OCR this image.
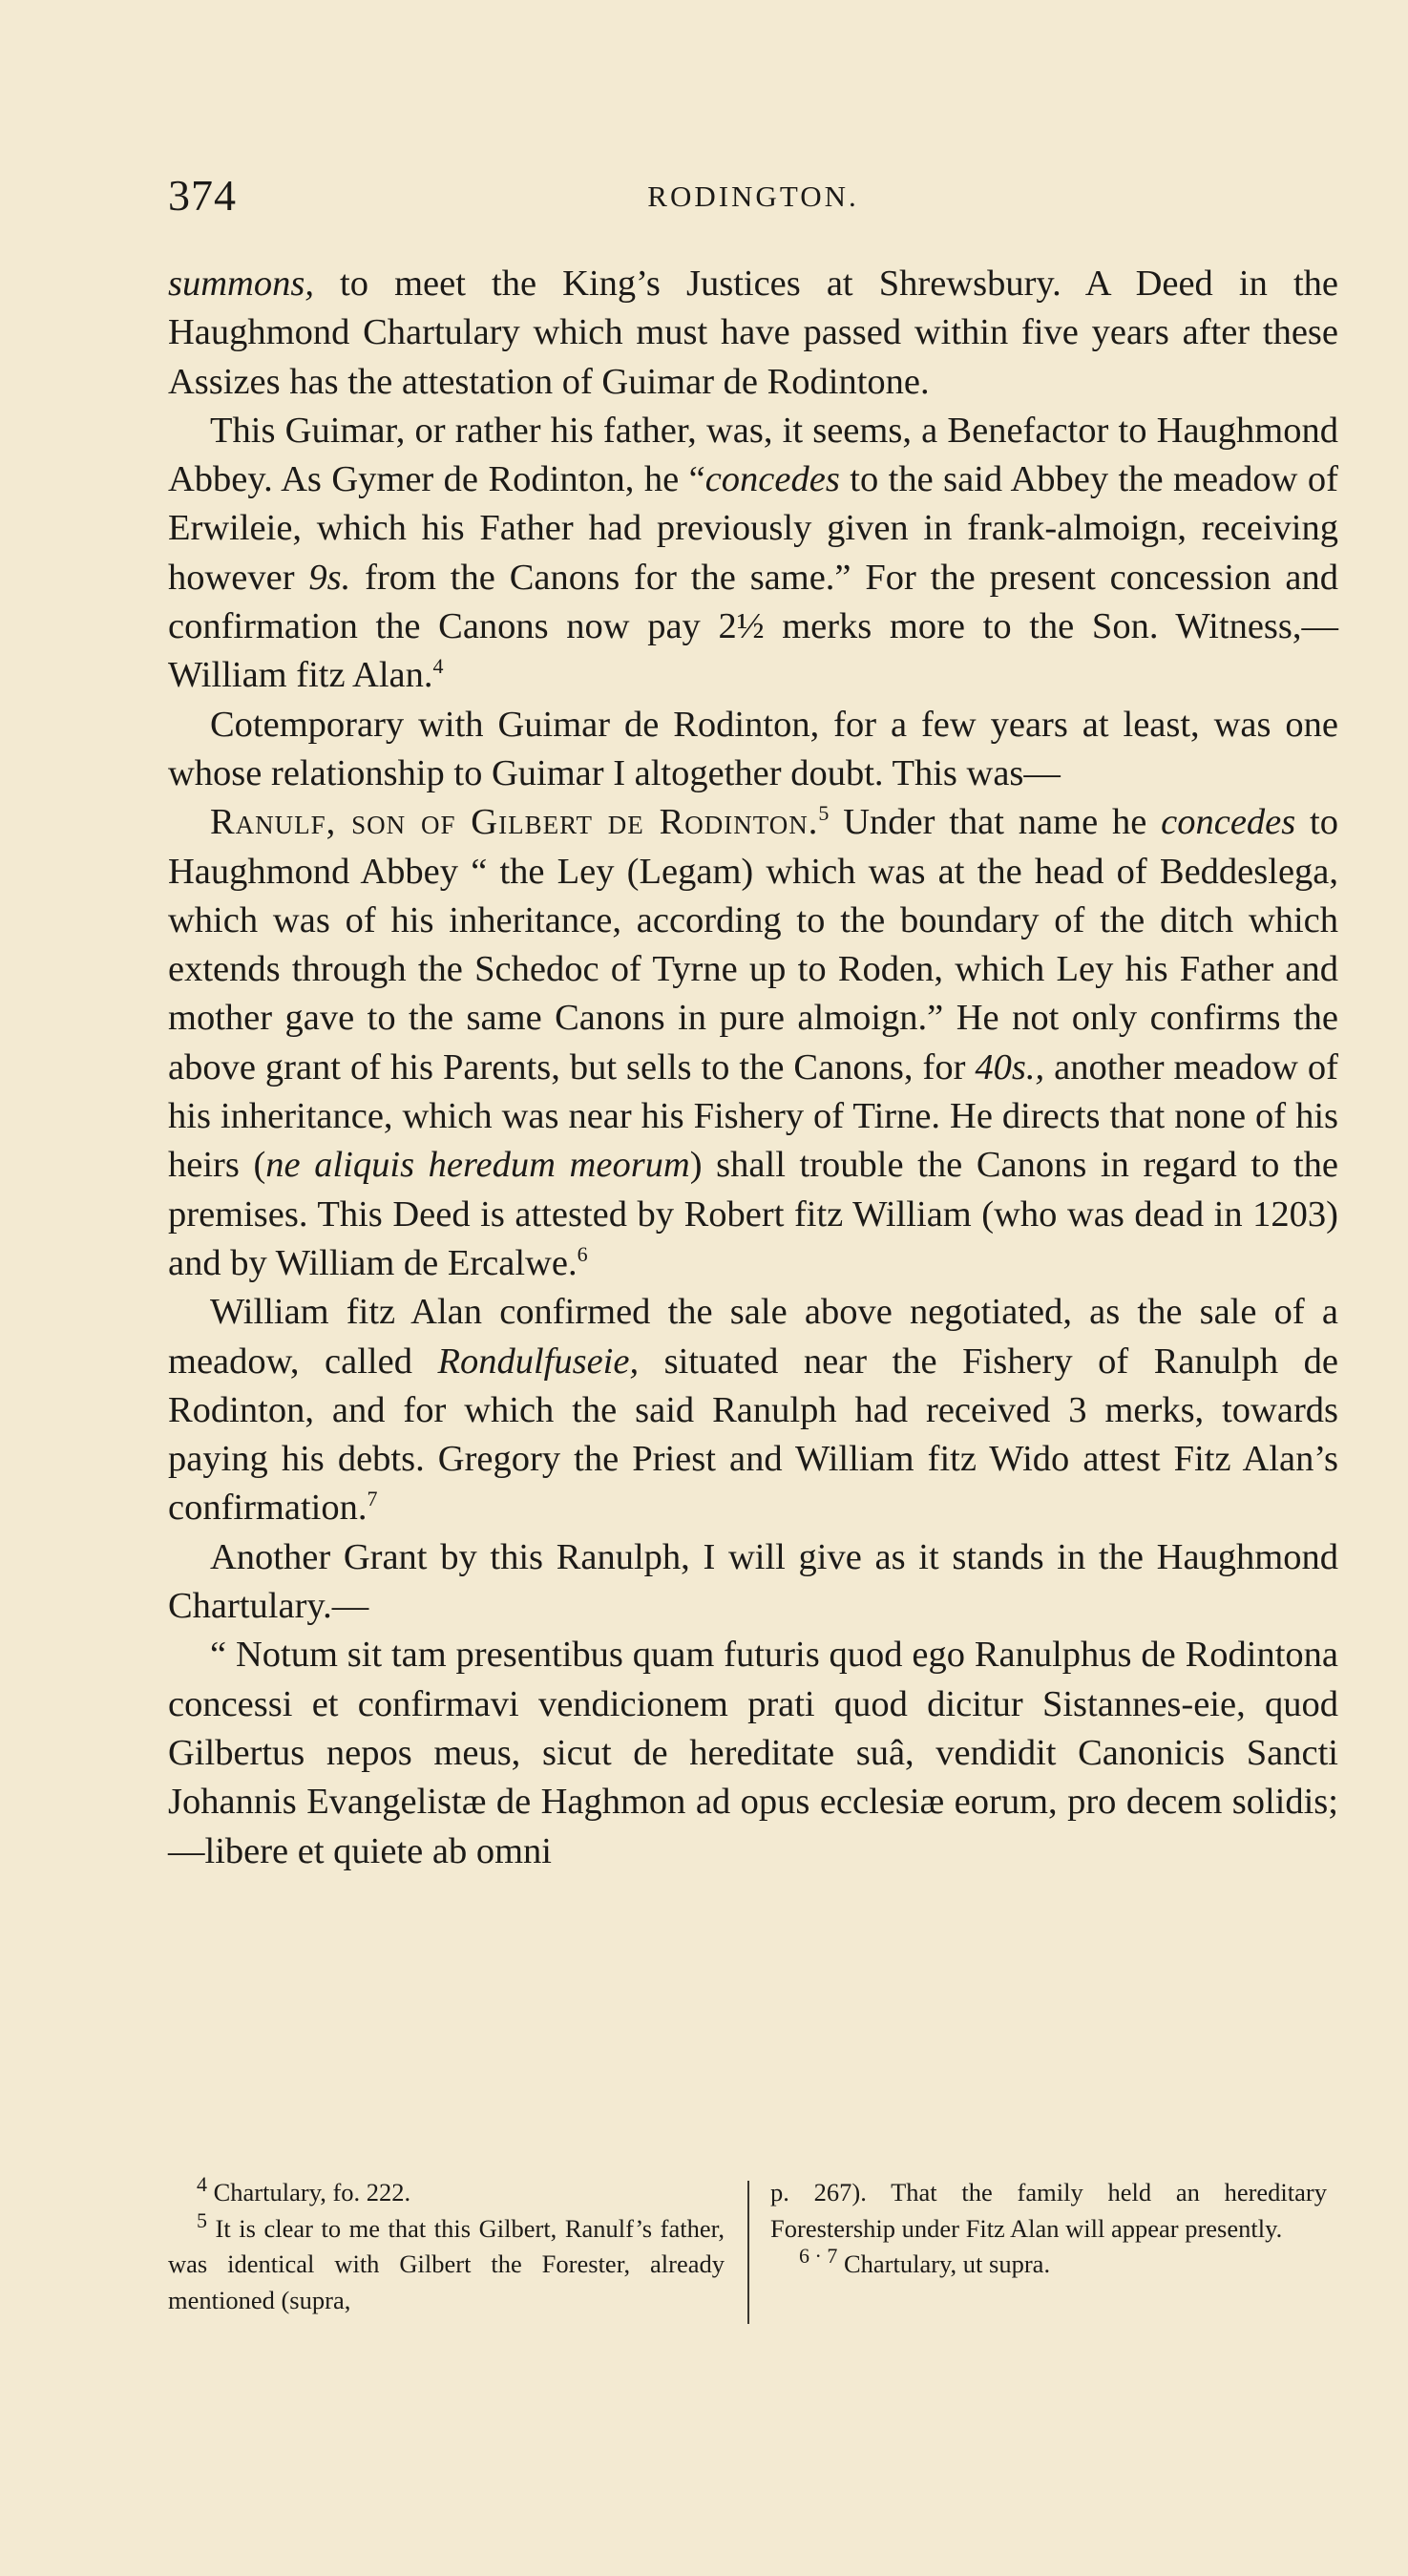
374	RODINGTON.

summons, to meet the King’s Justices at Shrewsbury. A Deed in the Haughmond Chartulary which must have passed within five years after these Assizes has the attestation of Guimar de Rodintone.

This Guimar, or rather his father, was, it seems, a Benefactor to Haughmond Abbey. As Gymer de Rodinton, he “concedes to the said Abbey the meadow of Erwileie, which his Father had previously given in frank-almoign, receiving however 9s. from the Canons for the same.” For the present concession and confirmation the Canons now pay 2½ merks more to the Son. Witness,—William fitz Alan.$^4$

Cotemporary with Guimar de Rodinton, for a few years at least, was one whose relationship to Guimar I altogether doubt. This was—

Ranulf, son of Gilbert de Rodinton.$^5$ Under that name he concedes to Haughmond Abbey “ the Ley (Legam) which was at the head of Beddeslega, which was of his inheritance, according to the boundary of the ditch which extends through the Schedoc of Tyrne up to Roden, which Ley his Father and mother gave to the same Canons in pure almoign.” He not only confirms the above grant of his Parents, but sells to the Canons, for 40s., another meadow of his inheritance, which was near his Fishery of Tirne. He directs that none of his heirs (ne aliquis heredum meorum) shall trouble the Canons in regard to the premises. This Deed is attested by Robert fitz William (who was dead in 1203) and by William de Ercalwe.$^6$

William fitz Alan confirmed the sale above negotiated, as the sale of a meadow, called Rondulfuseie, situated near the Fishery of Ranulph de Rodinton, and for which the said Ranulph had received 3 merks, towards paying his debts. Gregory the Priest and William fitz Wido attest Fitz Alan’s confirmation.$^7$

Another Grant by this Ranulph, I will give as it stands in the Haughmond Chartulary.—

“ Notum sit tam presentibus quam futuris quod ego Ranulphus de Rodintona concessi et confirmavi vendicionem prati quod dicitur Sistannes-eie, quod Gilbertus nepos meus, sicut de hereditate suâ, vendidit Canonicis Sancti Johannis Evangelistæ de Haghmon ad opus ecclesiæ eorum, pro decem solidis;—libere et quiete ab omni

$^4$ Chartulary, fo. 222.

$^5$ It is clear to me that this Gilbert, Ranulf’s father, was identical with Gilbert the Forester, already mentioned (supra,

p. 267). That the family held an hereditary Forestership under Fitz Alan will appear presently.

$^{6 \cdot 7}$ Chartulary, ut supra.
